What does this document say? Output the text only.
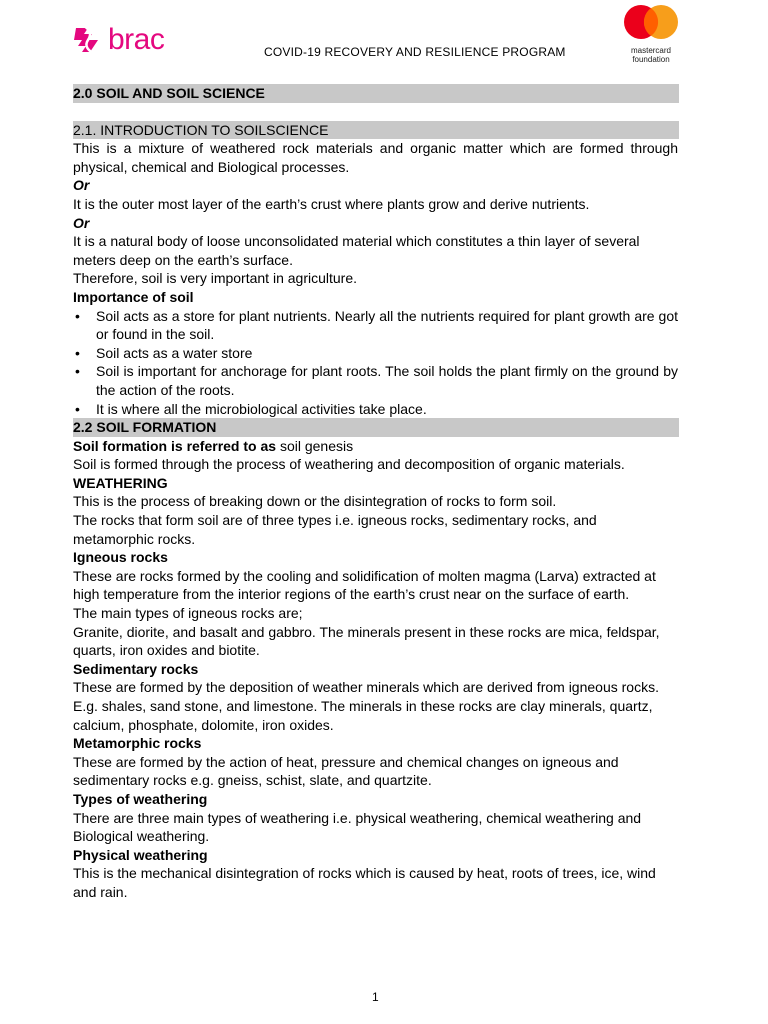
brac	COVID-19 RECOVERY AND RESILIENCE PROGRAM	mastercard
foundation
2.0 SOIL AND SOIL SCIENCE
2.1. INTRODUCTION TO SOILSCIENCE

This is a mixture of weathered rock materials and organic matter which are formed through physical, chemical and Biological processes.

Or

It is the outer most layer of the earth’s crust where plants grow and derive nutrients.

Or

It is a natural body of loose unconsolidated material which constitutes a thin layer of several meters deep on the earth’s surface.

Therefore, soil is very important in agriculture.

Importance of soil

• Soil acts as a store for plant nutrients. Nearly all the nutrients required for plant growth are got or found in the soil.
• Soil acts as a water store
• Soil is important for anchorage for plant roots. The soil holds the plant firmly on the ground by the action of the roots.
• It is where all the microbiological activities take place.
2.2 SOIL FORMATION

Soil formation is referred to as soil genesis

Soil is formed through the process of weathering and decomposition of organic materials.

WEATHERING

This is the process of breaking down or the disintegration of rocks to form soil.

The rocks that form soil are of three types i.e. igneous rocks, sedimentary rocks, and metamorphic rocks.

Igneous rocks

These are rocks formed by the cooling and solidification of molten magma (Larva) extracted at high temperature from the interior regions of the earth’s crust near on the surface of earth.

The main types of igneous rocks are;

Granite, diorite, and basalt and gabbro. The minerals present in these rocks are mica, feldspar, quarts, iron oxides and biotite.

Sedimentary rocks

These are formed by the deposition of weather minerals which are derived from igneous rocks. E.g. shales, sand stone, and limestone. The minerals in these rocks are clay minerals, quartz, calcium, phosphate, dolomite, iron oxides.

Metamorphic rocks

These are formed by the action of heat, pressure and chemical changes on igneous and sedimentary rocks e.g. gneiss, schist, slate, and quartzite.

Types of weathering

There are three main types of weathering i.e. physical weathering, chemical weathering and Biological weathering.

Physical weathering

This is the mechanical disintegration of rocks which is caused by heat, roots of trees, ice, wind and rain.

1
